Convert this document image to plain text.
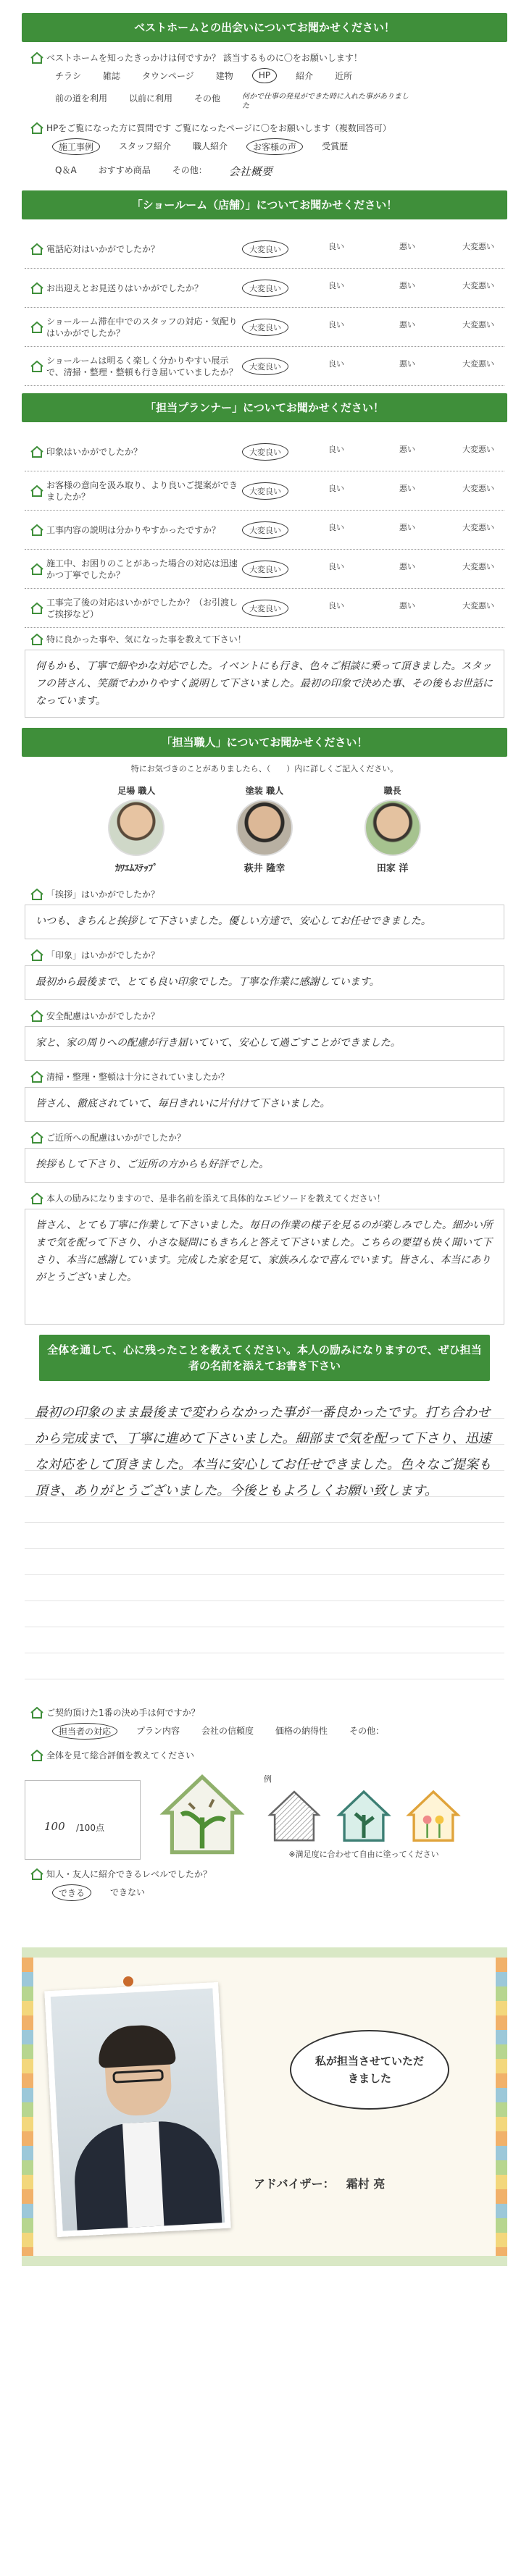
ベストホームとの出会いについてお聞かせください！
ベストホームを知ったきっかけは何ですか？ 該当するものに〇をお願いします！
チラシ	雑誌	タウンページ	建物	HP	紹介	近所
前の道を利用	以前に利用	その他	何かで仕事の発見ができた時に入れた事がありました
HPをご覧になった方に質問です ご覧になったページに〇をお願いします（複数回答可）
施工事例	スタッフ紹介	職人紹介	お客様の声	受賞歴
Q＆A	おすすめ商品	その他： 会社概要
「ショールーム（店舗）」についてお聞かせください！
電話応対はいかがでしたか？	大変良い	良い	悪い	大変悪い
お出迎えとお見送りはいかがでしたか？	大変良い	良い	悪い	大変悪い
ショールーム滞在中でのスタッフの対応・気配りはいかがでしたか？
大変良い	良い	悪い	大変悪い
ショールームは明るく楽しく分かりやすい展示で、清掃・整理・整頓も行き届いていましたか？
大変良い	良い	悪い	大変悪い
「担当プランナー」についてお聞かせください！
印象はいかがでしたか？	大変良い	良い	悪い	大変悪い
お客様の意向を汲み取り、より良いご提案ができましたか？
大変良い	良い	悪い	大変悪い
工事内容の説明は分かりやすかったですか？	大変良い	良い	悪い	大変悪い
施工中、お困りのことがあった場合の対応は迅速かつ丁寧でしたか？
大変良い	良い	悪い	大変悪い
工事完了後の対応はいかがでしたか？（お引渡しご挨拶など）
大変良い	良い	悪い	大変悪い
特に良かった事や、気になった事を教えて下さい！
何もかも、丁寧で細やかな対応でした。イベントにも行き、色々ご相談に乗って頂きました。スタッフの皆さん、笑顔でわかりやすく説明して下さいました。最初の印象で決めた事、その後もお世話になっています。
「担当職人」についてお聞かせください！
特にお気づきのことがありましたら、（　　）内に詳しくご記入ください。
足場 職人
ｶﾜｴﾑｽﾃｯﾌﾟ
塗装 職人
萩井 隆幸
職長
田家 洋
「挨拶」はいかがでしたか？
いつも、きちんと挨拶して下さいました。優しい方達で、安心してお任せできました。
「印象」はいかがでしたか？
最初から最後まで、とても良い印象でした。丁寧な作業に感謝しています。
安全配慮はいかがでしたか？
家と、家の周りへの配慮が行き届いていて、安心して過ごすことができました。
清掃・整理・整頓は十分にされていましたか？
皆さん、徹底されていて、毎日きれいに片付けて下さいました。
ご近所への配慮はいかがでしたか？
挨拶もして下さり、ご近所の方からも好評でした。
本人の励みになりますので、是非名前を添えて具体的なエピソードを教えてください！
皆さん、とても丁寧に作業して下さいました。毎日の作業の様子を見るのが楽しみでした。細かい所まで気を配って下さり、小さな疑問にもきちんと答えて下さいました。こちらの要望も快く聞いて下さり、本当に感謝しています。完成した家を見て、家族みんなで喜んでいます。皆さん、本当にありがとうございました。
全体を通して、心に残ったことを教えてください。本人の励みになりますので、ぜひ担当者の名前を添えてお書き下さい
最初の印象のまま最後まで変わらなかった事が一番良かったです。打ち合わせから完成まで、丁寧に進めて下さいました。細部まで気を配って下さり、迅速な対応をして頂きました。本当に安心してお任せできました。色々なご提案も頂き、ありがとうございました。今後ともよろしくお願い致します。
ご契約頂けた1番の決め手は何ですか？
担当者の対応	プラン内容	会社の信頼度	価格の納得性	その他：
全体を見て総合評価を教えてください
100 /100点
例
※満足度に合わせて自由に塗ってください
知人・友人に紹介できるレベルでしたか？
できる	できない
私が担当させていただきました
アドバイザー： 霜村 亮
